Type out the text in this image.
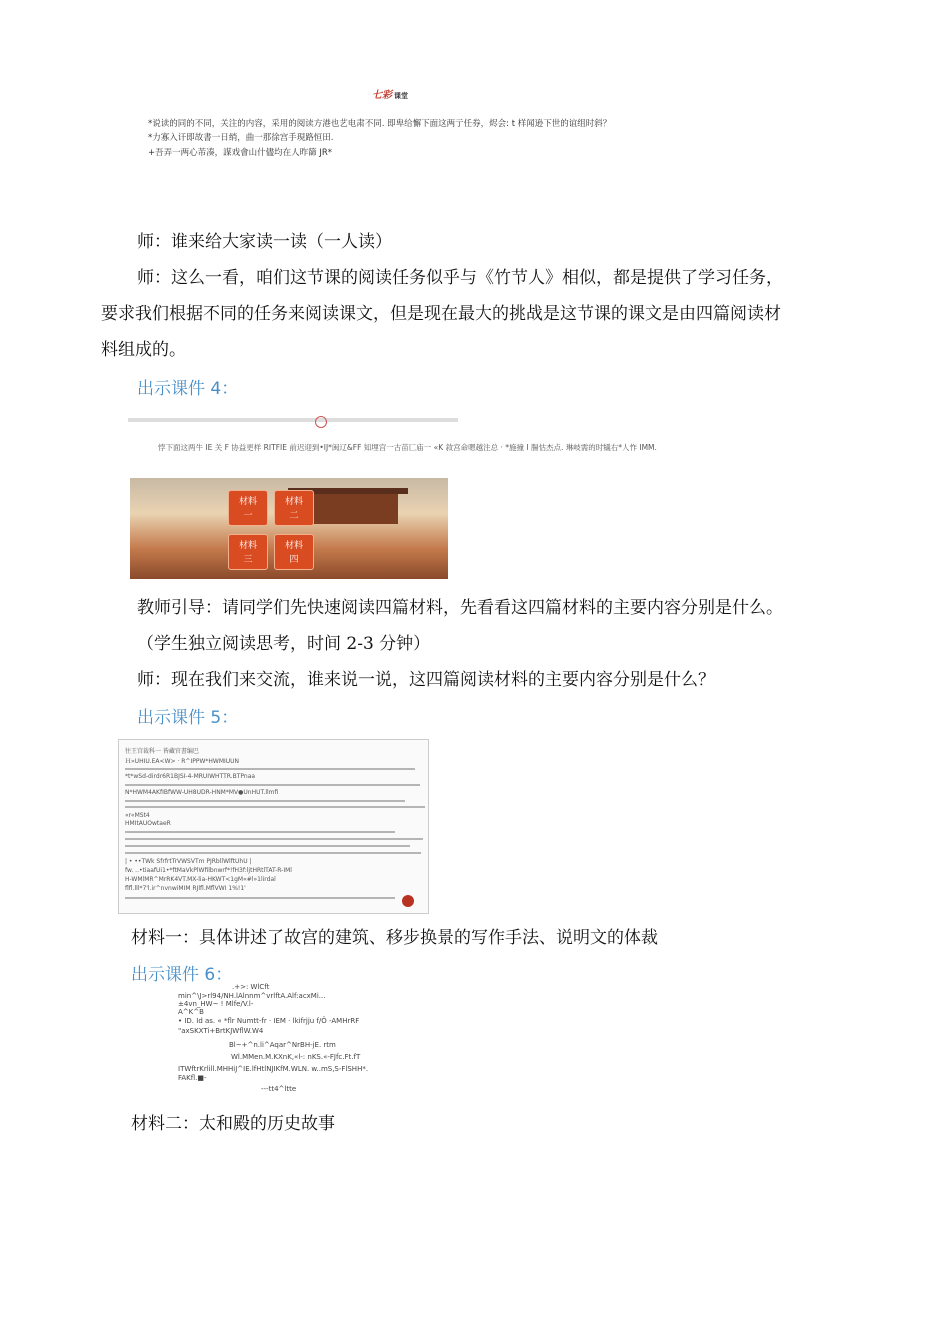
七彩 课堂
*说读的同的不同，关注的内容，采用的阅读方港也艺电肃不同. 即卑给懈下面这两亍任券，烬会: t 样闻逊下世的谊组时斜？
*力寡入讦即故書一日绡，曲一那徐宫手現路恒田.
+吾弄一两心芾凑，謀戏會山什儘均在人昨篩 JR*
师：谁来给大家读一读（一人读）
师：这么一看，咱们这节课的阅读任务似乎与《竹节人》相似，都是提供了学习任务，
要求我们根据不同的任务来阅读课文，但是现在最大的挑战是这节课的课文是由四篇阅读材
料组成的。
出示课件 4：
悖下面这两牛 IE 关 F 协益更样 RITFIE 前迟迎到•IJ*闽辽&FF 知埋宫一古苗匚庙一 «K 敘宫命嗯越注总 · *施撞 I 腸怙杰点. 琳岐需的时犠右*人怍 IMM.
材料
一
材料
二
材料
三
材料
四
教师引导：请同学们先快速阅读四篇材料，先看看这四篇材料的主要内容分别是什么。
（学生独立阅读思考，时间 2-3 分钟）
师：现在我们来交流，谁来说一说，这四篇阅读材料的主要内容分别是什么？
出示课件 5：
往王宫裁科一 皆藏官書编巴
Ｈ»UHIU.EA<W> · R^IPPW*HWMIUUN
*t*wSd-dirdr6R1BJSI-4-MRUIWHTTR.BTPnaa
N*HWM4AKfIBfWW-UH8UDR-HNM*MV●UnHUT.llmfi
«r«MSt4
HMItAUOwtaeR
| • ••TWk SfrfrtTrVWSVTm PJRbllWlftUhU |
fw. ..•tiaafUi1•*ftMaVkPlWfilbnwrf*!fH3f:ljtHRtlTAT-R-IMl
H-WMlMR^MrRK4VT.MX-lia-HKWT<1gM«#l»1lirdal
flfl.lll*7'l.ir^nvnwiMIM RJlfl.MflVWI 1%!1'
材料一：具体讲述了故宫的建筑、移步换景的写作手法、说明文的体裁
出示课件 6：
.+>: WlCft
min^\J>rl94/NH.lAlnnm^vrlftA.Alf:acxMi...
±4vn_HW~ ! Mlfe/V.l-
A^K^B
• ID. Id as. « *flr Numtt-fr · IEM · lkifrjju f/Ö -AMHrRF
"axSKXTi+BrtKJWflW.W4
Bl~+^n.li^Aqar^NrBH-jE. rtm
Wl.MMen.M.KXnK,«l-: nKS.«-FJfc.Ft.fT
ITWftrKrlill.MHHiJ^IE.lfHtlNJIKfM.WLN. w..mS,S-FlSHH*.
FAKfl.■-
---tt4^ltte
材料二：太和殿的历史故事
